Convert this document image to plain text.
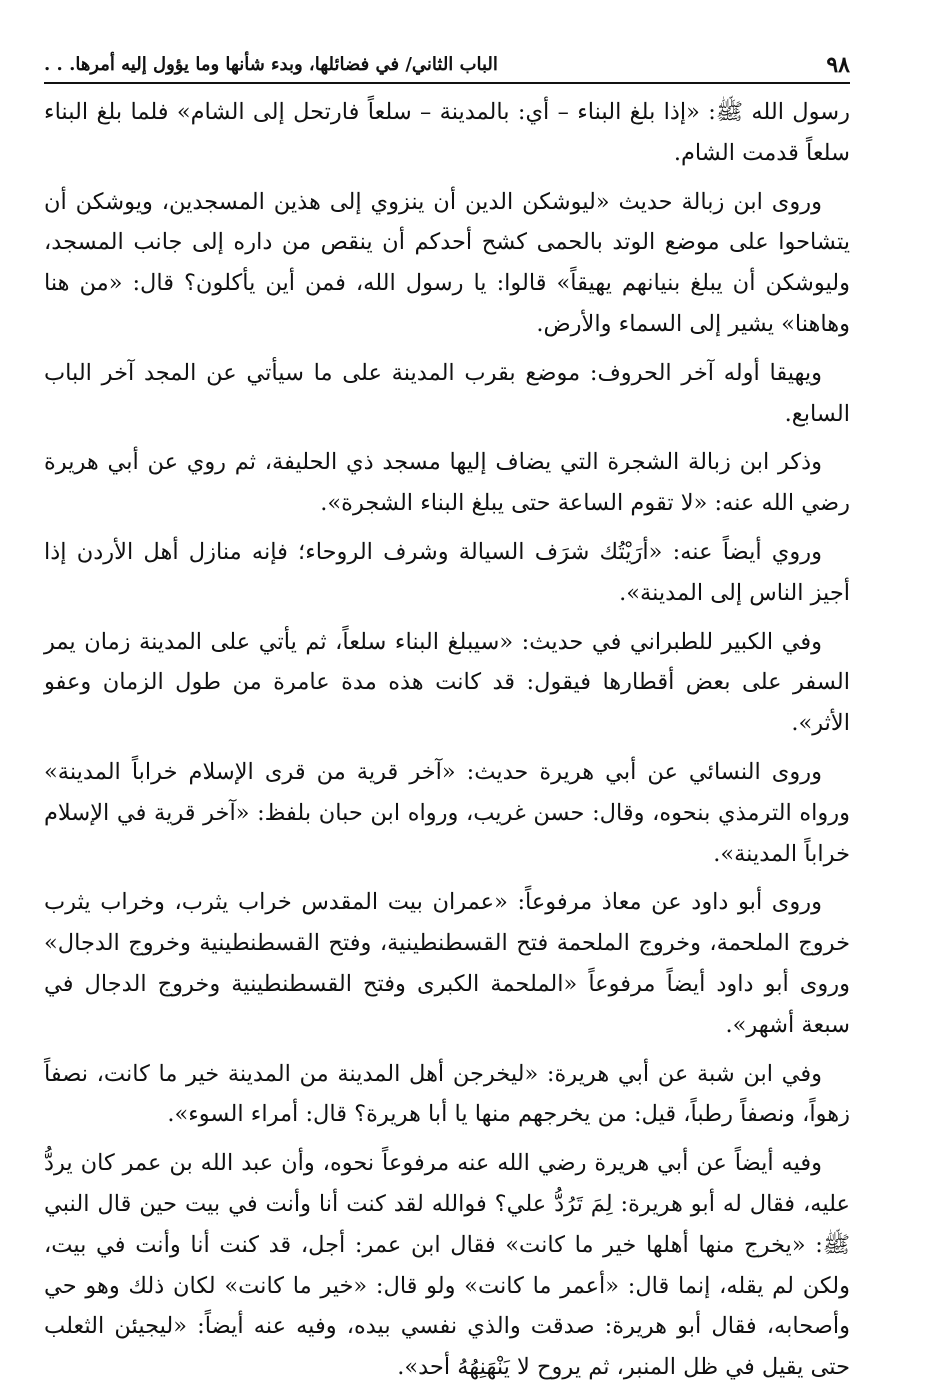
٩٨
الباب الثاني/ في فضائلها، وبدء شأنها وما يؤول إليه أمرها. . .

رسول الله ﷺ: «إذا بلغ البناء – أي: بالمدينة – سلعاً فارتحل إلى الشام» فلما بلغ البناء سلعاً قدمت الشام.

وروى ابن زبالة حديث «ليوشكن الدين أن ينزوي إلى هذين المسجدين، ويوشكن أن يتشاحوا على موضع الوتد بالحمى كشح أحدكم أن ينقص من داره إلى جانب المسجد، وليوشكن أن يبلغ بنيانهم يهيقاً» قالوا: يا رسول الله، فمن أين يأكلون؟ قال: «من هنا وهاهنا» يشير إلى السماء والأرض.

ويهيقا أوله آخر الحروف: موضع بقرب المدينة على ما سيأتي عن المجد آخر الباب السابع.

وذكر ابن زبالة الشجرة التي يضاف إليها مسجد ذي الحليفة، ثم روي عن أبي هريرة رضي الله عنه: «لا تقوم الساعة حتى يبلغ البناء الشجرة».

وروي أيضاً عنه: «أرَيْتُك شرَف السيالة وشرف الروحاء؛ فإنه منازل أهل الأردن إذا أجيز الناس إلى المدينة».

وفي الكبير للطبراني في حديث: «سيبلغ البناء سلعاً، ثم يأتي على المدينة زمان يمر السفر على بعض أقطارها فيقول: قد كانت هذه مدة عامرة من طول الزمان وعفو الأثر».

وروى النسائي عن أبي هريرة حديث: «آخر قرية من قرى الإسلام خراباً المدينة» ورواه الترمذي بنحوه، وقال: حسن غريب، ورواه ابن حبان بلفظ: «آخر قرية في الإسلام خراباً المدينة».

وروى أبو داود عن معاذ مرفوعاً: «عمران بيت المقدس خراب يثرب، وخراب يثرب خروج الملحمة، وخروج الملحمة فتح القسطنطينية، وفتح القسطنطينية وخروج الدجال» وروى أبو داود أيضاً مرفوعاً «الملحمة الكبرى وفتح القسطنطينية وخروج الدجال في سبعة أشهر».

وفي ابن شبة عن أبي هريرة: «ليخرجن أهل المدينة من المدينة خير ما كانت، نصفاً زهواً، ونصفاً رطباً، قيل: من يخرجهم منها يا أبا هريرة؟ قال: أمراء السوء».

وفيه أيضاً عن أبي هريرة رضي الله عنه مرفوعاً نحوه، وأن عبد الله بن عمر كان يردُّ عليه، فقال له أبو هريرة: لِمَ تَرُدُّ علي؟ فوالله لقد كنت أنا وأنت في بيت حين قال النبي ﷺ: «يخرج منها أهلها خير ما كانت» فقال ابن عمر: أجل، قد كنت أنا وأنت في بيت، ولكن لم يقله، إنما قال: «أعمر ما كانت» ولو قال: «خير ما كانت» لكان ذلك وهو حي وأصحابه، فقال أبو هريرة: صدقت والذي نفسي بيده، وفيه عنه أيضاً: «ليجيئن الثعلب حتى يقيل في ظل المنبر، ثم يروح لا يَنْهَنِهُهُ أحد».
